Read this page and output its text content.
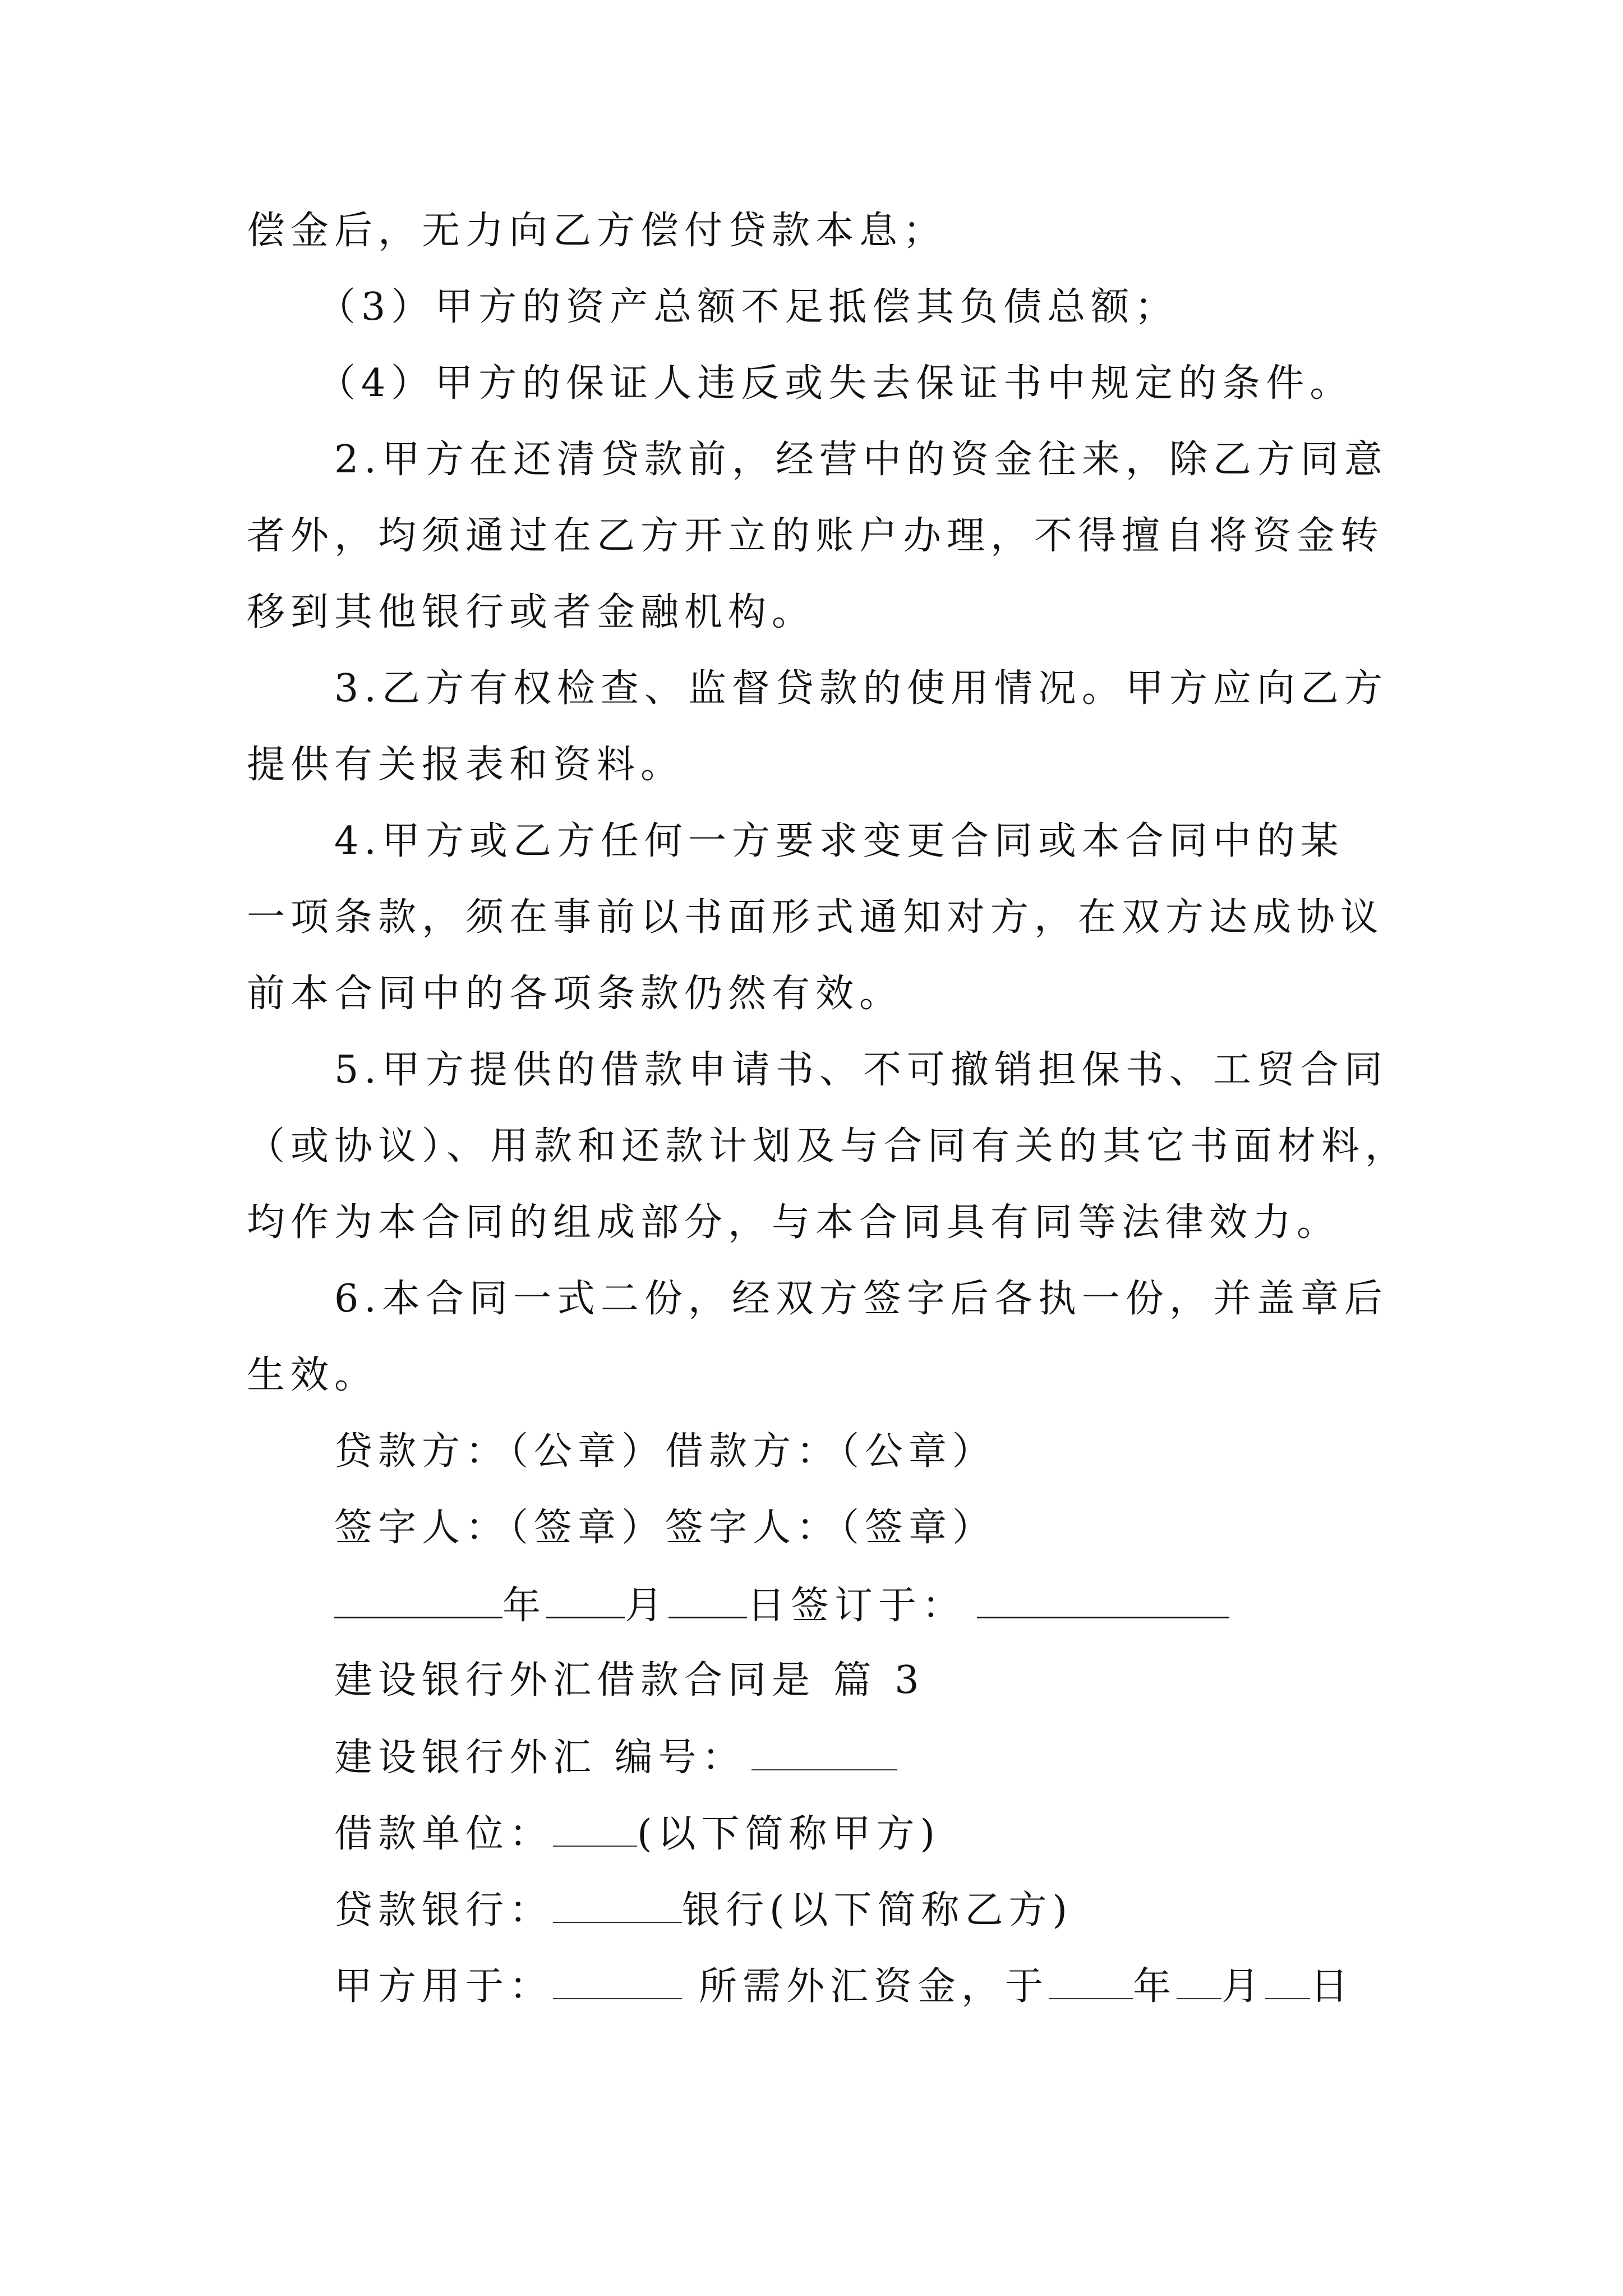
偿金后，无力向乙方偿付贷款本息；
（3）甲方的资产总额不足抵偿其负债总额；
（4）甲方的保证人违反或失去保证书中规定的条件。
2.甲方在还清贷款前，经营中的资金往来，除乙方同意
者外，均须通过在乙方开立的账户办理，不得擅自将资金转
移到其他银行或者金融机构。
3.乙方有权检查、监督贷款的使用情况。甲方应向乙方
提供有关报表和资料。
4.甲方或乙方任何一方要求变更合同或本合同中的某
一项条款，须在事前以书面形式通知对方，在双方达成协议
前本合同中的各项条款仍然有效。
5.甲方提供的借款申请书、不可撤销担保书、工贸合同
（或协议）、用款和还款计划及与合同有关的其它书面材料，
均作为本合同的组成部分，与本合同具有同等法律效力。
6.本合同一式二份，经双方签字后各执一份，并盖章后
生效。
贷款方：（公章）借款方：（公章）
签字人：（签章）签字人：（签章）
年 月 日签订于：
建设银行外汇借款合同是 篇 3
建设银行外汇 编号：
借款单位： (以下简称甲方)
贷款银行：	银行(以下简称乙方)
甲方用于：	所需外汇资金，于 年 月 日
